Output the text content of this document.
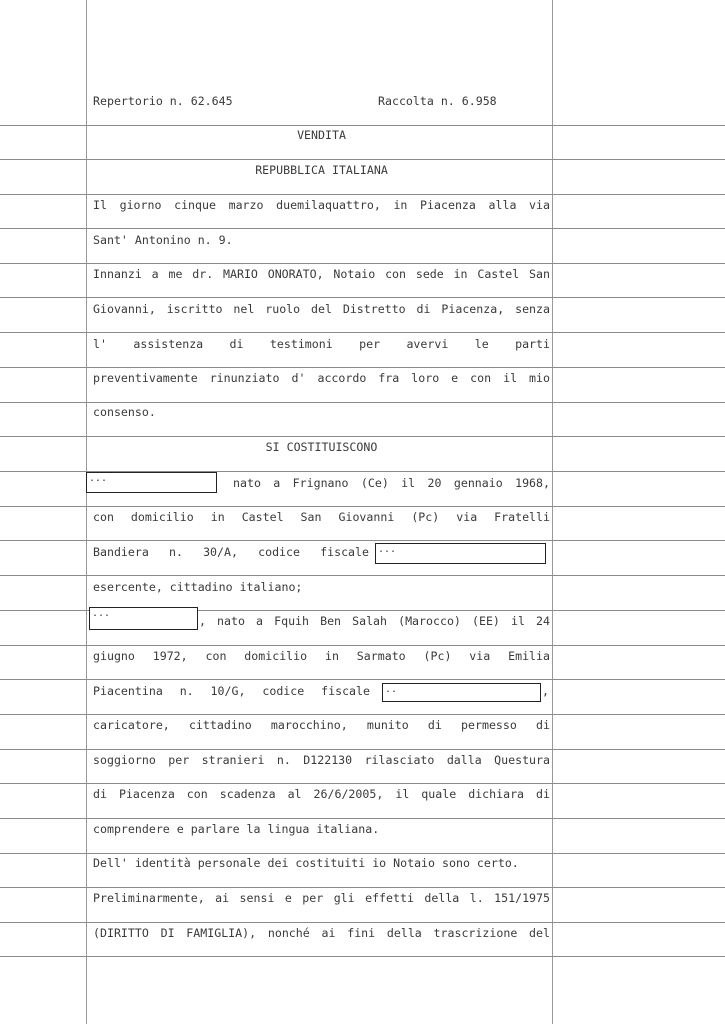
Repertorio n. 62.645	Raccolta n. 6.958
VENDITA
REPUBBLICA ITALIANA
Il giorno cinque marzo duemilaquattro, in Piacenza alla via
Sant' Antonino n. 9.
Innanzi a me dr. MARIO ONORATO, Notaio con sede in Castel San
Giovanni, iscritto nel ruolo del Distretto di Piacenza, senza
l' assistenza di testimoni per avervi le parti
preventivamente rinunziato d' accordo fra loro e con il mio
consenso.
SI COSTITUISCONO
...	nato a Frignano (Ce) il 20 gennaio 1968,
con domicilio in Castel San Giovanni (Pc) via Fratelli
Bandiera n. 30/A, codice fiscale ...
esercente, cittadino italiano;
...
, nato a Fquih Ben Salah (Marocco) (EE) il 24
giugno 1972, con domicilio in Sarmato (Pc) via Emilia
Piacentina n. 10/G, codice fiscale	..	,
caricatore, cittadino marocchino, munito di permesso di
soggiorno per stranieri n. D122130 rilasciato dalla Questura
di Piacenza con scadenza al 26/6/2005, il quale dichiara di
comprendere e parlare la lingua italiana.
Dell' identità personale dei costituiti io Notaio sono certo.
Preliminarmente, ai sensi e per gli effetti della l. 151/1975
(DIRITTO DI FAMIGLIA), nonché ai fini della trascrizione del
